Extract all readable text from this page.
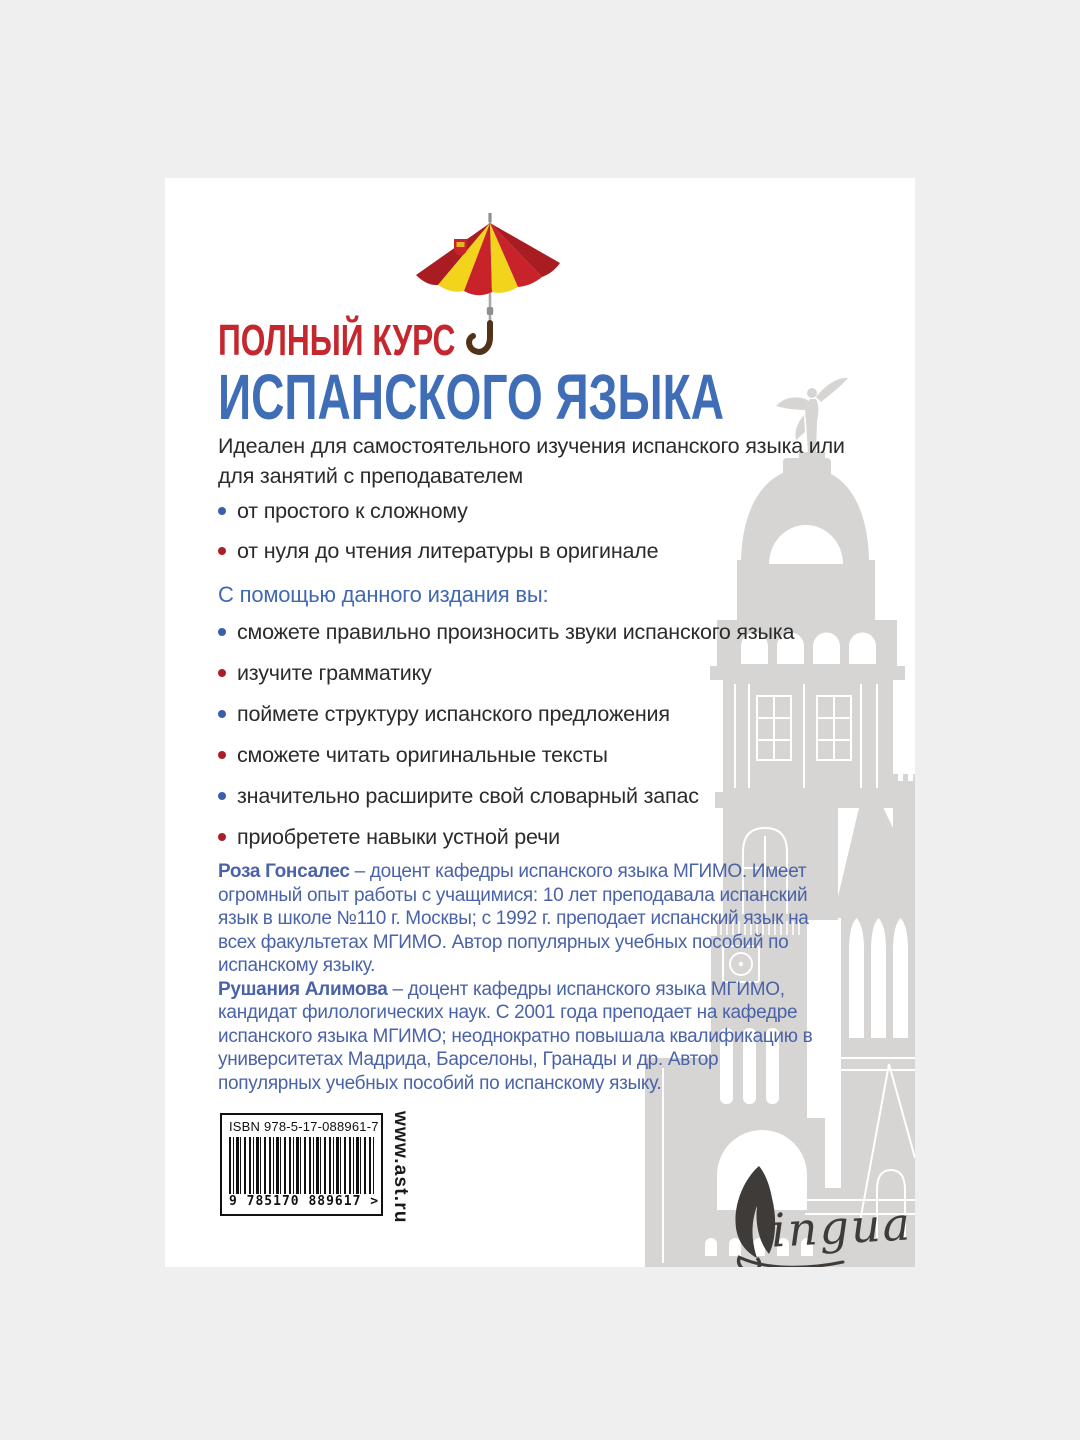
ПОЛНЫЙ КУРС
ИСПАНСКОГО ЯЗЫКА
Идеален для самостоятельного изучения испанского языка или
для занятий с преподавателем
от простого к сложному
от нуля до чтения литературы в оригинале
С помощью данного издания вы:
сможете правильно произносить звуки испанского языка
изучите грамматику
поймете структуру испанского предложения
сможете читать оригинальные тексты
значительно расширите свой словарный запас
приобретете навыки устной речи

Роза Гонсалес – доцент кафедры испанского языка МГИМО. Имеет огромный опыт работы с учащимися: 10 лет преподавала испанский язык в школе №110 г. Москвы; с 1992 г. преподает испанский язык на всех факультетах МГИМО. Автор популярных учебных пособий по испанскому языку.

Рушания Алимова – доцент кафедры испанского языка МГИМО, кандидат филологических наук. С 2001 года преподает на кафедре испанского языка МГИМО; неоднократно повышала квалификацию в университетах Мадрида, Барселоны, Гранады и др. Автор популярных учебных пособий по испанскому языку.

ISBN 978-5-17-088961-7
9 785170 889617 > www.ast.ru
ingua
